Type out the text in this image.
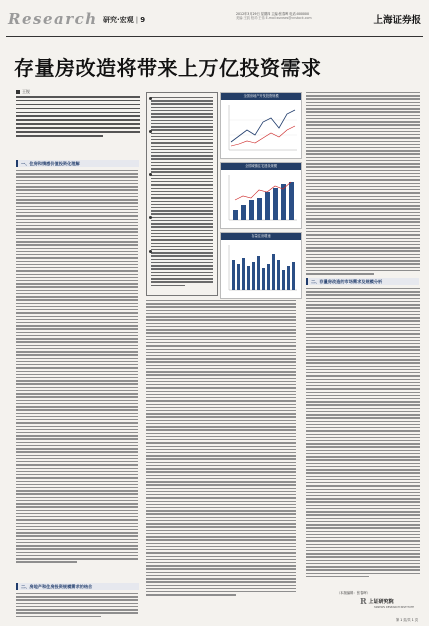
Research 研究·宏观 | 9
2012年3月29日 星期四 主编:张春晖 电话:000000
美编:王凯 校对:王伟 E-mail:ssnews@cnstock.com	上海证券报
存量房改造将带来上万亿投资需求
王锐
全国房地产开发投资规模
全国城镇住宅建设规模
存量住房增速
二、存量房改造的市场需求及规模分析
一、住房和情感价值投资化理解
二、房地产和住房投资规模需求的结合
（本版编辑：张春晖）
R上证研究院
SSNEWS RESEARCH INSTITUTE
第 1 页/共 1 页
